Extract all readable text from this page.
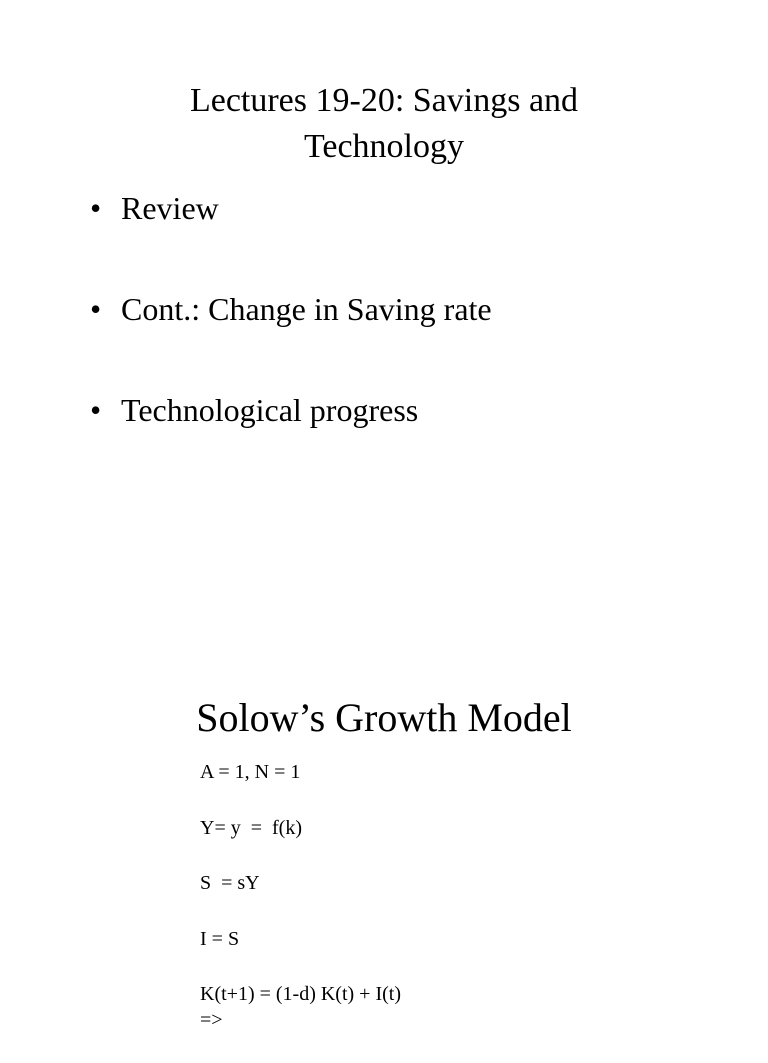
Lectures 19-20: Savings and
Technology
• Review
• Cont.: Change in Saving rate
• Technological progress
Solow’s Growth Model
A = 1, N = 1
Y= y  =  f(k)
S  = sY
I = S
K(t+1) = (1-d) K(t) + I(t)
=>
